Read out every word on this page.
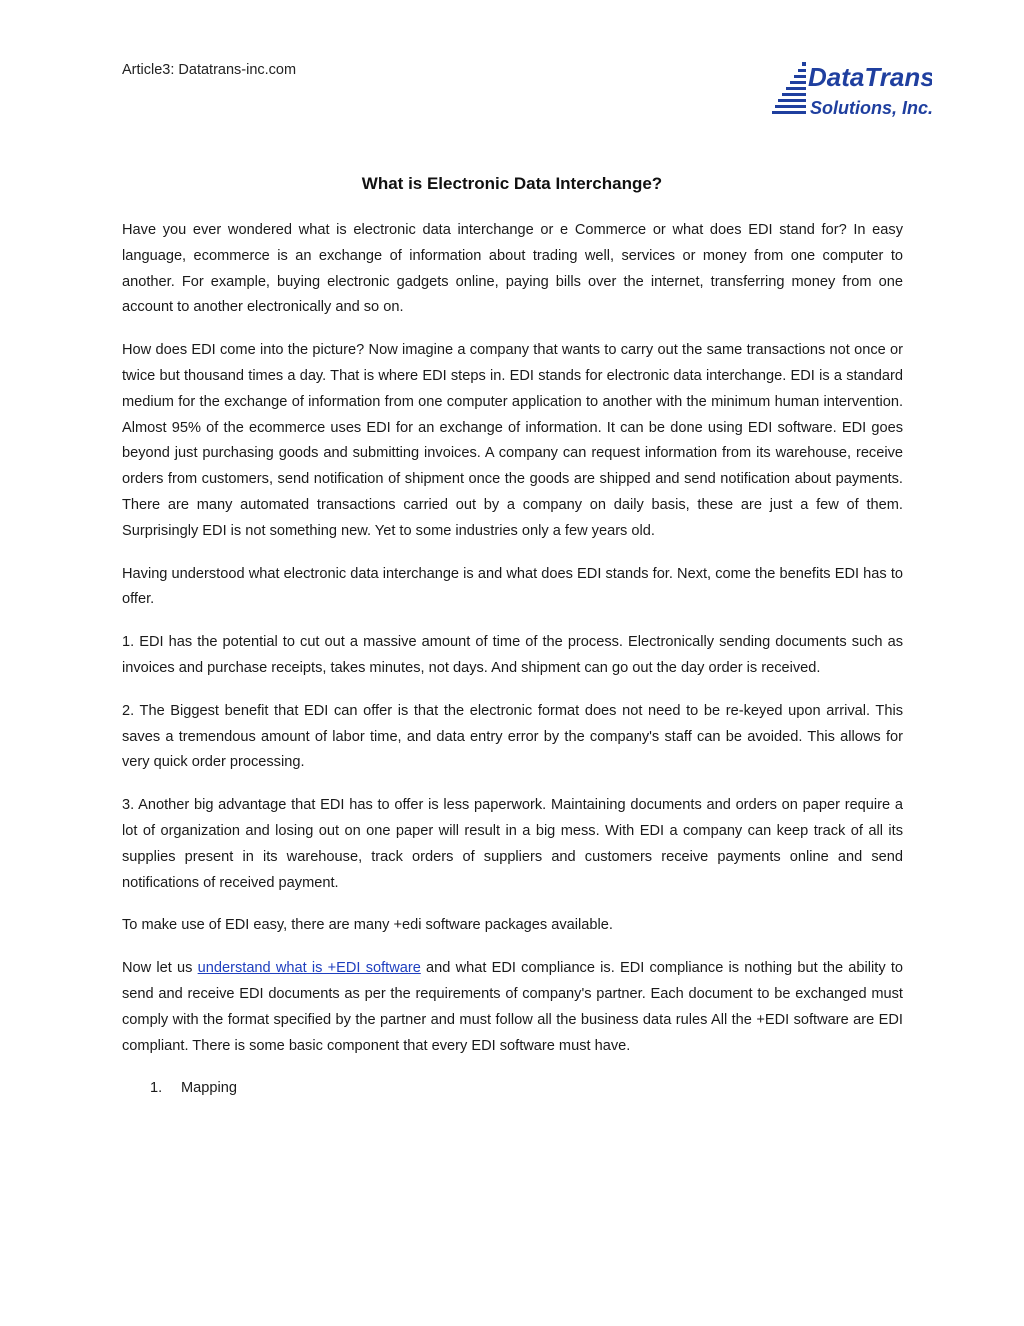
Article3: Datatrans-inc.com	DataTrans
Solutions, Inc.
What is Electronic Data Interchange?

Have you ever wondered what is electronic data interchange or e Commerce or what does EDI stand for? In easy language, ecommerce is an exchange of information about trading well, services or money from one computer to another. For example, buying electronic gadgets online, paying bills over the internet, transferring money from one account to another electronically and so on.

How does EDI come into the picture? Now imagine a company that wants to carry out the same transactions not once or twice but thousand times a day. That is where EDI steps in. EDI stands for electronic data interchange. EDI is a standard medium for the exchange of information from one computer application to another with the minimum human intervention. Almost 95% of the ecommerce uses EDI for an exchange of information. It can be done using EDI software. EDI goes beyond just purchasing goods and submitting invoices. A company can request information from its warehouse, receive orders from customers, send notification of shipment once the goods are shipped and send notification about payments. There are many automated transactions carried out by a company on daily basis, these are just a few of them. Surprisingly EDI is not something new. Yet to some industries only a few years old.

Having understood what electronic data interchange is and what does EDI stands for. Next, come the benefits EDI has to offer.

1. EDI has the potential to cut out a massive amount of time of the process. Electronically sending documents such as invoices and purchase receipts, takes minutes, not days. And shipment can go out the day order is received.

2. The Biggest benefit that EDI can offer is that the electronic format does not need to be re-keyed upon arrival. This saves a tremendous amount of labor time, and data entry error by the company's staff can be avoided. This allows for very quick order processing.

3. Another big advantage that EDI has to offer is less paperwork. Maintaining documents and orders on paper require a lot of organization and losing out on one paper will result in a big mess. With EDI a company can keep track of all its supplies present in its warehouse, track orders of suppliers and customers receive payments online and send notifications of received payment.

To make use of EDI easy, there are many +edi software packages available.

Now let us understand what is +EDI software and what EDI compliance is. EDI compliance is nothing but the ability to send and receive EDI documents as per the requirements of company's partner. Each document to be exchanged must comply with the format specified by the partner and must follow all the business data rules All the +EDI software are EDI compliant. There is some basic component that every EDI software must have.

1.	Mapping
